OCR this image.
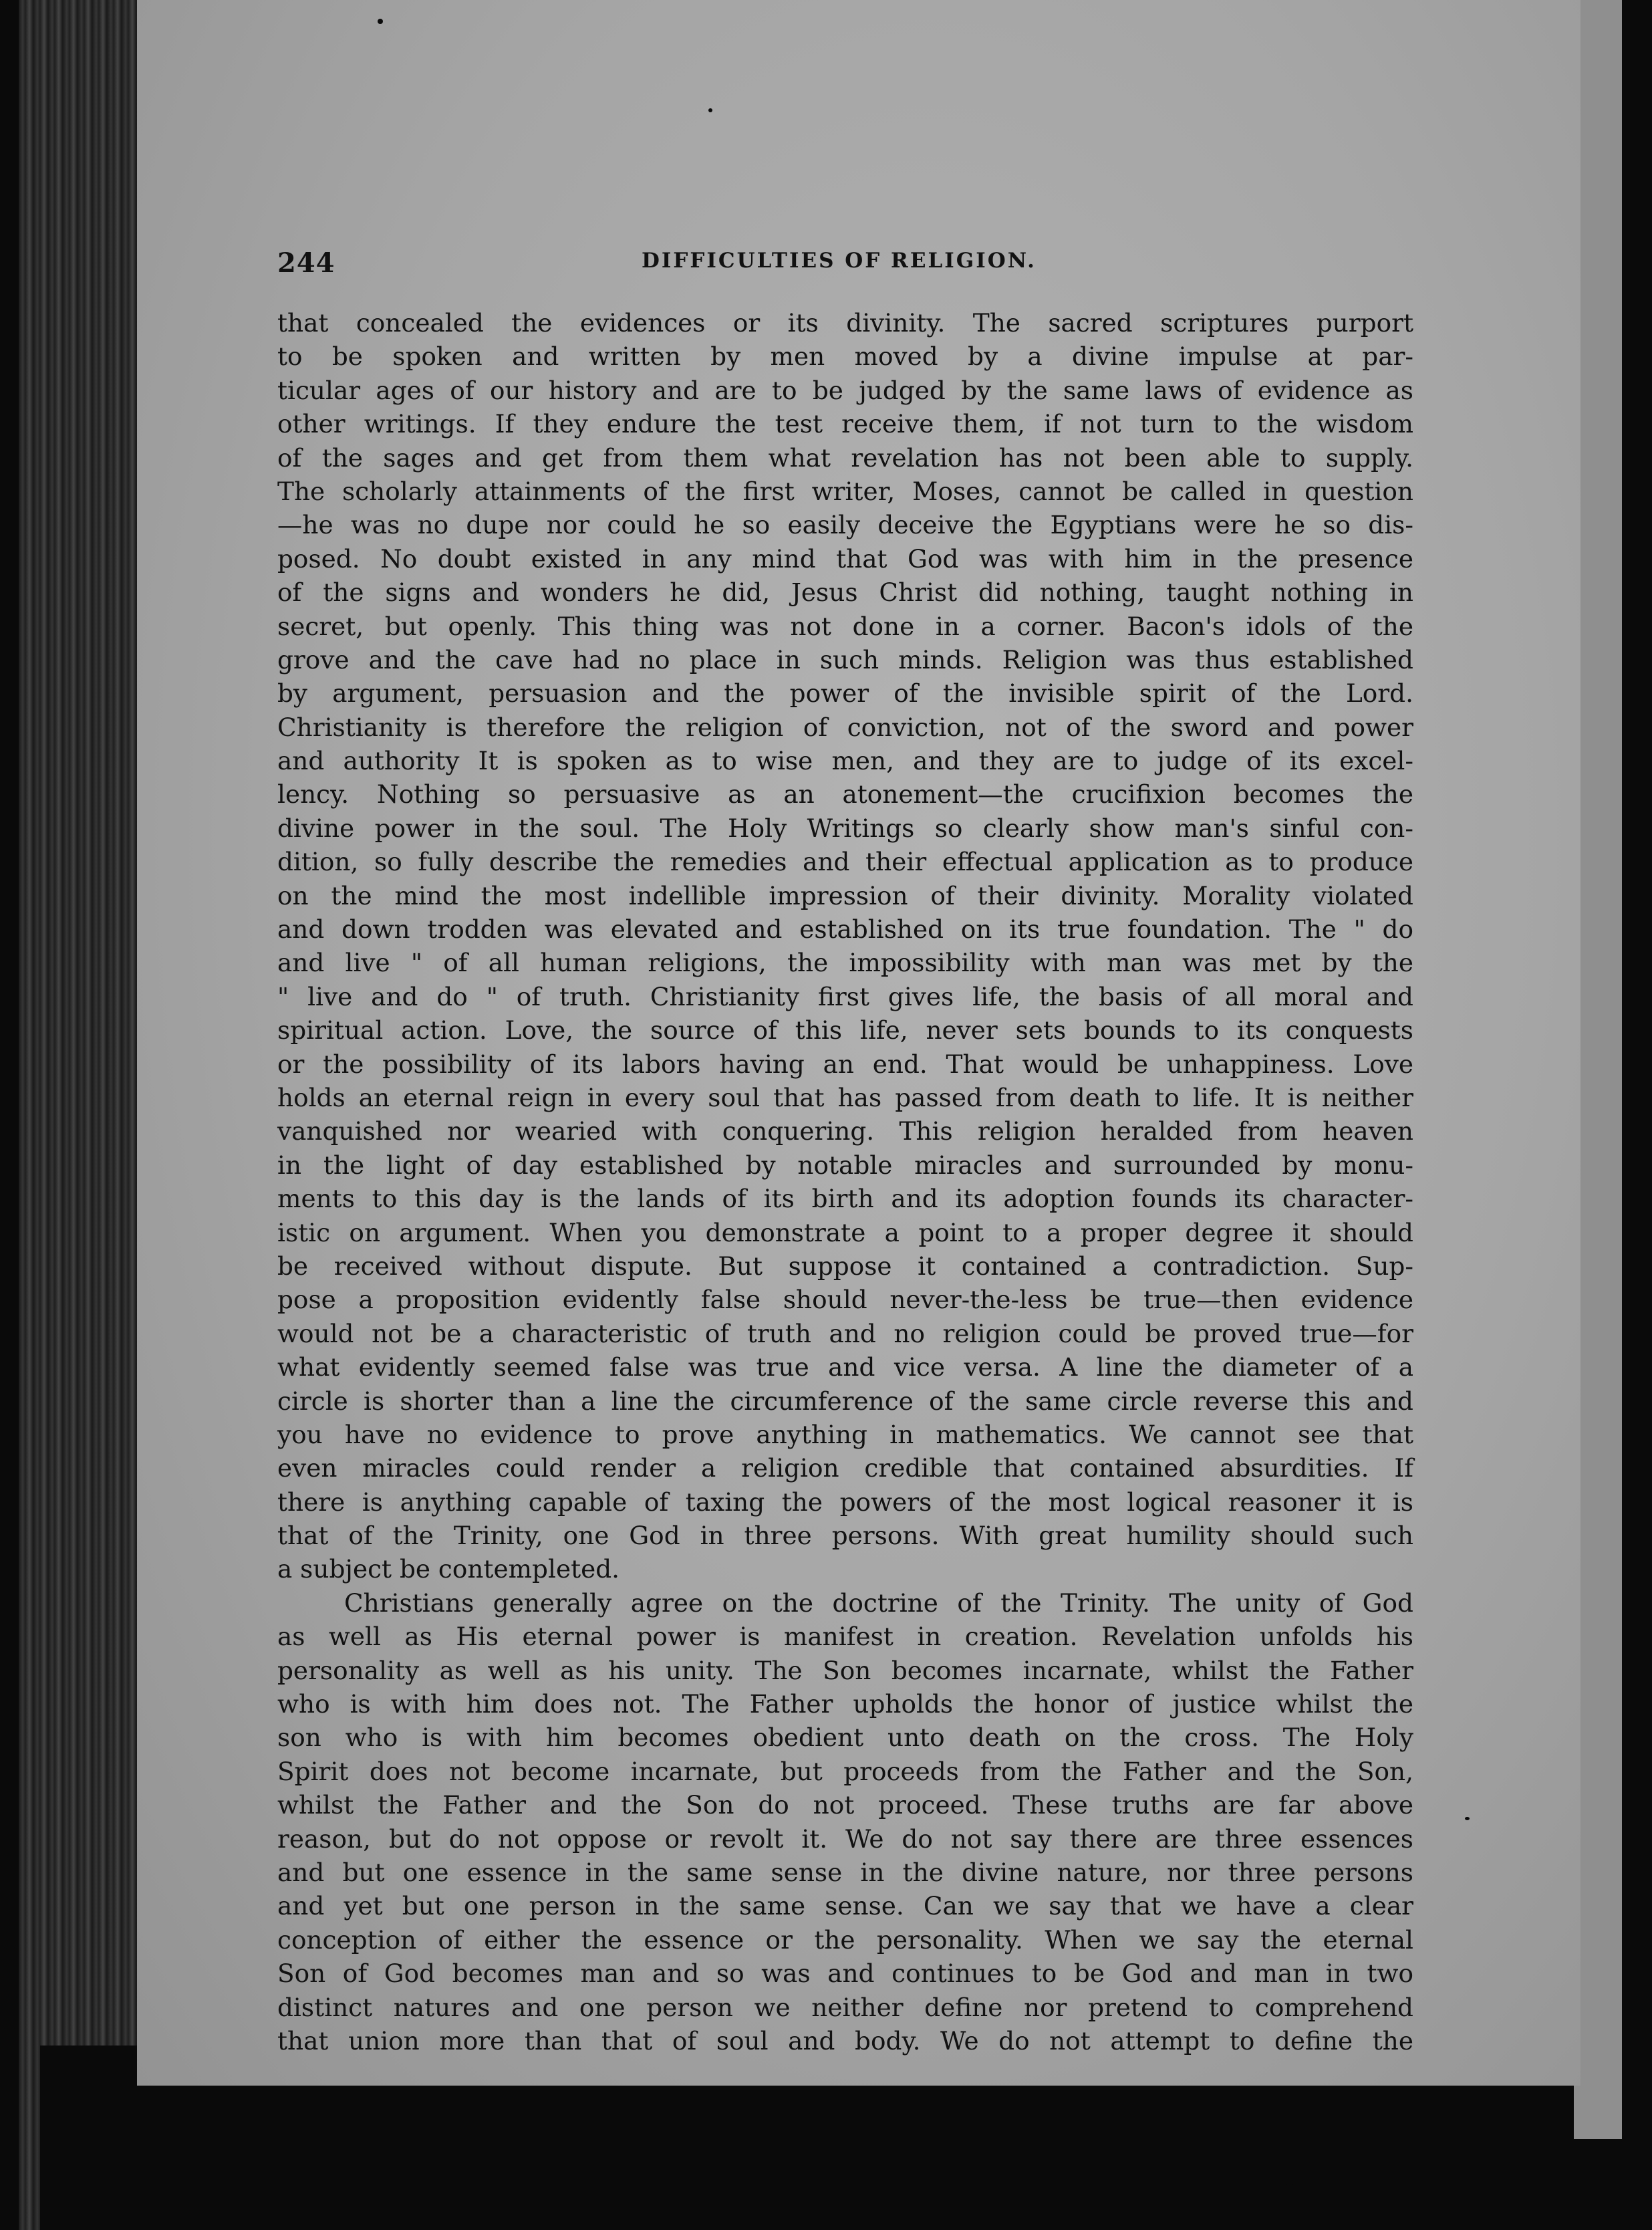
244	DIFFICULTIES OF RELIGION.
that concealed the evidences or its divinity. The sacred scriptures purport
to be spoken and written by men moved by a divine impulse at par-
ticular ages of our history and are to be judged by the same laws of evidence as
other writings. If they endure the test receive them, if not turn to the wisdom
of the sages and get from them what revelation has not been able to supply.
The scholarly attainments of the first writer, Moses, cannot be called in question
—he was no dupe nor could he so easily deceive the Egyptians were he so dis-
posed. No doubt existed in any mind that God was with him in the presence
of the signs and wonders he did, Jesus Christ did nothing, taught nothing in
secret, but openly. This thing was not done in a corner. Bacon's idols of the
grove and the cave had no place in such minds. Religion was thus established
by argument, persuasion and the power of the invisible spirit of the Lord.
Christianity is therefore the religion of conviction, not of the sword and power
and authority It is spoken as to wise men, and they are to judge of its excel-
lency. Nothing so persuasive as an atonement—the crucifixion becomes the
divine power in the soul. The Holy Writings so clearly show man's sinful con-
dition, so fully describe the remedies and their effectual application as to produce
on the mind the most indellible impression of their divinity. Morality violated
and down trodden was elevated and established on its true foundation. The " do
and live " of all human religions, the impossibility with man was met by the
" live and do " of truth. Christianity first gives life, the basis of all moral and
spiritual action. Love, the source of this life, never sets bounds to its conquests
or the possibility of its labors having an end. That would be unhappiness. Love
holds an eternal reign in every soul that has passed from death to life. It is neither
vanquished nor wearied with conquering. This religion heralded from heaven
in the light of day established by notable miracles and surrounded by monu-
ments to this day is the lands of its birth and its adoption founds its character-
istic on argument. When you demonstrate a point to a proper degree it should
be received without dispute. But suppose it contained a contradiction. Sup-
pose a proposition evidently false should never-the-less be true—then evidence
would not be a characteristic of truth and no religion could be proved true—for
what evidently seemed false was true and vice versa. A line the diameter of a
circle is shorter than a line the circumference of the same circle reverse this and
you have no evidence to prove anything in mathematics. We cannot see that
even miracles could render a religion credible that contained absurdities. If
there is anything capable of taxing the powers of the most logical reasoner it is
that of the Trinity, one God in three persons. With great humility should such
a subject be contempleted.
Christians generally agree on the doctrine of the Trinity. The unity of God
as well as His eternal power is manifest in creation. Revelation unfolds his
personality as well as his unity. The Son becomes incarnate, whilst the Father
who is with him does not. The Father upholds the honor of justice whilst the
son who is with him becomes obedient unto death on the cross. The Holy
Spirit does not become incarnate, but proceeds from the Father and the Son,
whilst the Father and the Son do not proceed. These truths are far above
reason, but do not oppose or revolt it. We do not say there are three essences
and but one essence in the same sense in the divine nature, nor three persons
and yet but one person in the same sense. Can we say that we have a clear
conception of either the essence or the personality. When we say the eternal
Son of God becomes man and so was and continues to be God and man in two
distinct natures and one person we neither define nor pretend to comprehend
that union more than that of soul and body. We do not attempt to define the
